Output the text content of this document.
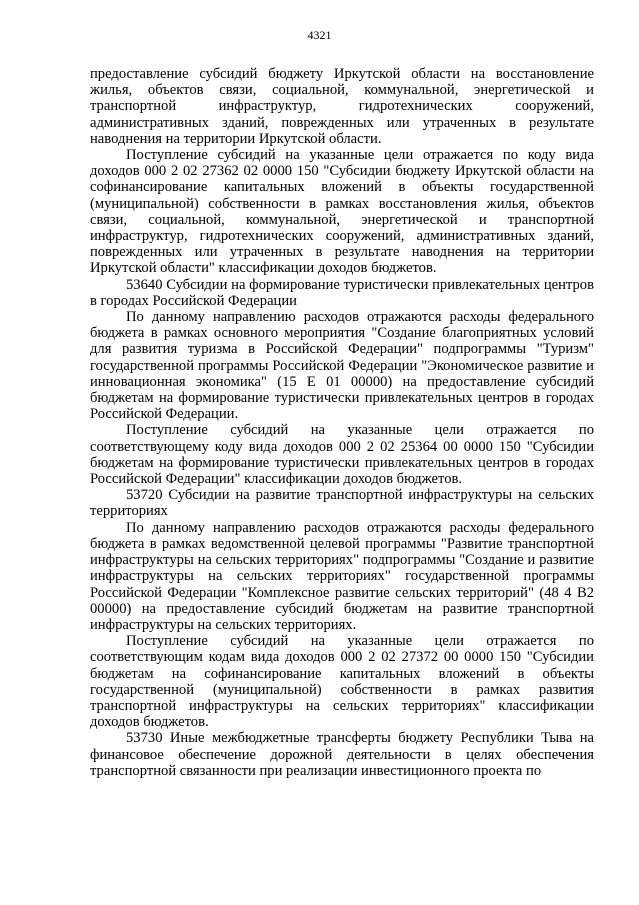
4321

предоставление субсидий бюджету Иркутской области на восстановление жилья, объектов связи, социальной, коммунальной, энергетической и транспортной инфраструктур, гидротехнических сооружений, административных зданий, поврежденных или утраченных в результате наводнения на территории Иркутской области.

Поступление субсидий на указанные цели отражается по коду вида доходов 000 2 02 27362 02 0000 150 "Субсидии бюджету Иркутской области на софинансирование капитальных вложений в объекты государственной (муниципальной) собственности в рамках восстановления жилья, объектов связи, социальной, коммунальной, энергетической и транспортной инфраструктур, гидротехнических сооружений, административных зданий, поврежденных или утраченных в результате наводнения на территории Иркутской области" классификации доходов бюджетов.

53640 Субсидии на формирование туристически привлекательных центров в городах Российской Федерации

По данному направлению расходов отражаются расходы федерального бюджета в рамках основного мероприятия "Создание благоприятных условий для развития туризма в Российской Федерации" подпрограммы "Туризм" государственной программы Российской Федерации "Экономическое развитие и инновационная экономика" (15 Е 01 00000) на предоставление субсидий бюджетам на формирование туристически привлекательных центров в городах Российской Федерации.

Поступление субсидий на указанные цели отражается по соответствующему коду вида доходов 000 2 02 25364 00 0000 150 "Субсидии бюджетам на формирование туристически привлекательных центров в городах Российской Федерации" классификации доходов бюджетов.

53720 Субсидии на развитие транспортной инфраструктуры на сельских территориях

По данному направлению расходов отражаются расходы федерального бюджета в рамках ведомственной целевой программы "Развитие транспортной инфраструктуры на сельских территориях" подпрограммы "Создание и развитие инфраструктуры на сельских территориях" государственной программы Российской Федерации "Комплексное развитие сельских территорий" (48 4 В2 00000) на предоставление субсидий бюджетам на развитие транспортной инфраструктуры на сельских территориях.

Поступление субсидий на указанные цели отражается по соответствующим кодам вида доходов 000 2 02 27372 00 0000 150 "Субсидии бюджетам на софинансирование капитальных вложений в объекты государственной (муниципальной) собственности в рамках развития транспортной инфраструктуры на сельских территориях" классификации доходов бюджетов.

53730 Иные межбюджетные трансферты бюджету Республики Тыва на финансовое обеспечение дорожной деятельности в целях обеспечения транспортной связанности при реализации инвестиционного проекта по
